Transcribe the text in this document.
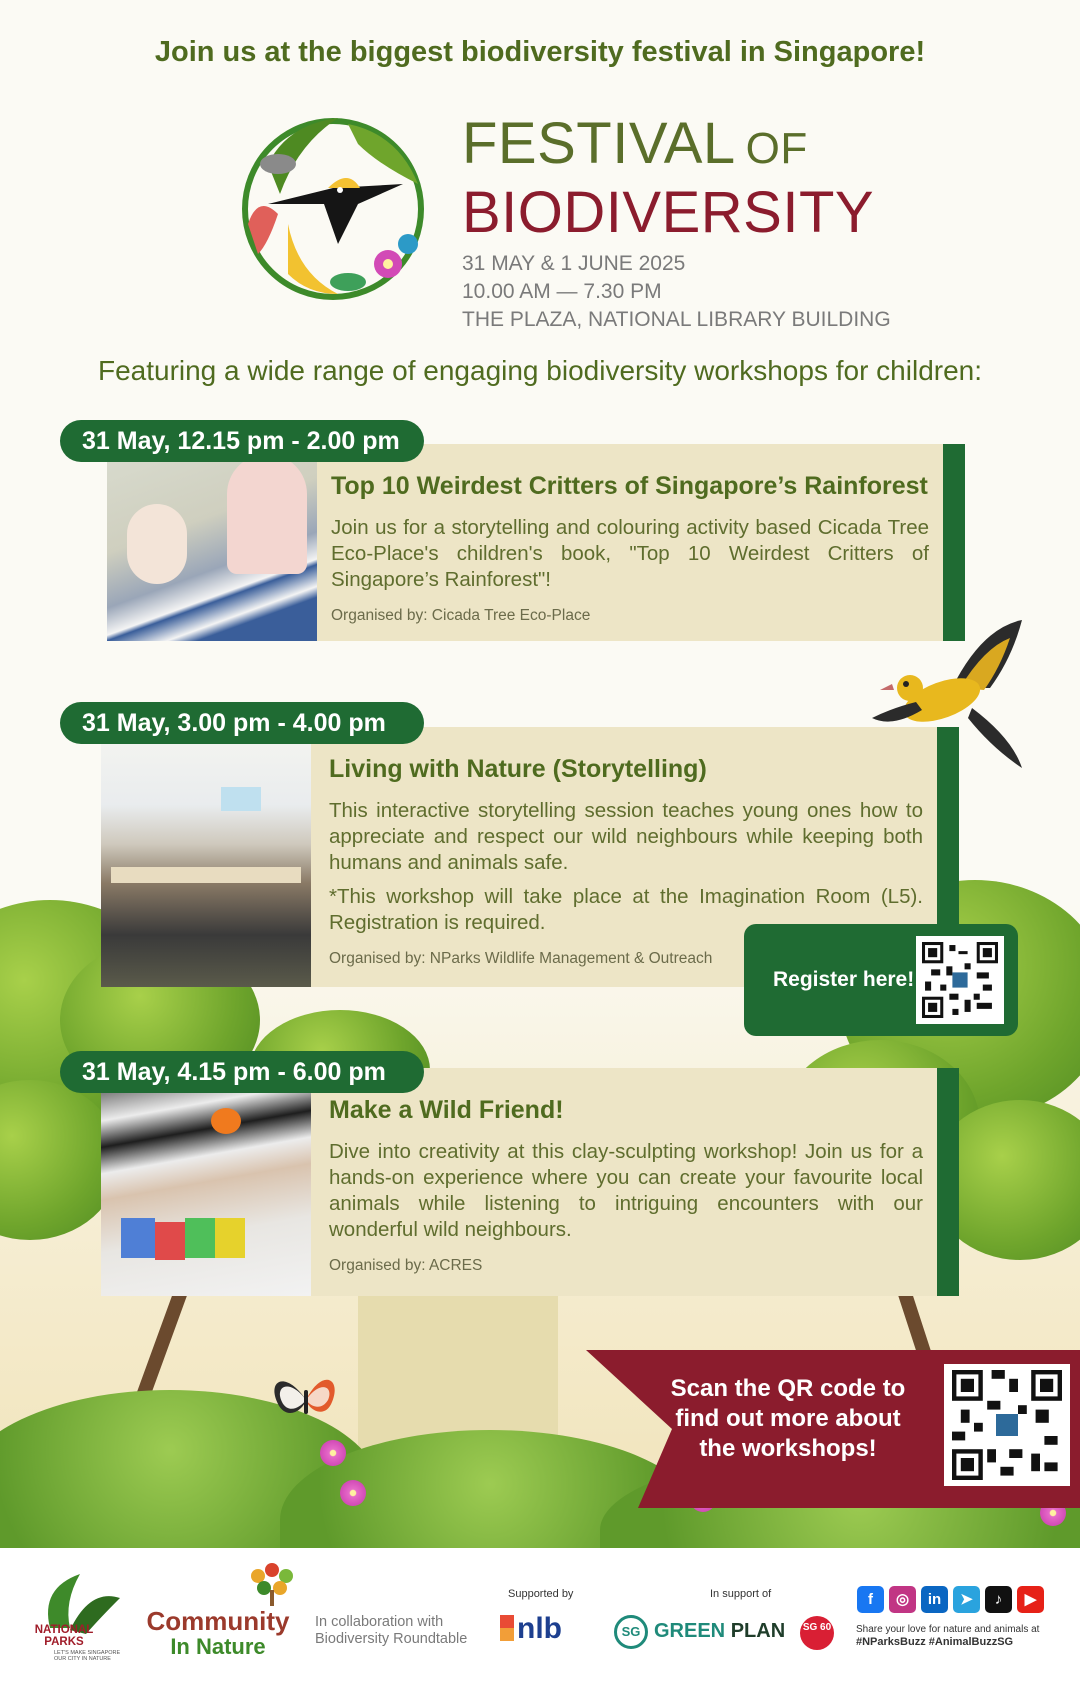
Join us at the biggest biodiversity festival in Singapore!
FESTIVAL OF
BIODIVERSITY
31 MAY & 1 JUNE 2025
10.00 AM — 7.30 PM
THE PLAZA, NATIONAL LIBRARY BUILDING
Featuring a wide range of engaging biodiversity workshops for children:
Top 10 Weirdest Critters of Singapore’s Rainforest

Join us for a storytelling and colouring activity based Cicada Tree Eco-Place's children's book, "Top 10 Weirdest Critters of Singapore’s Rainforest"!

Organised by: Cicada Tree Eco-Place

31 May, 12.15 pm - 2.00 pm
Living with Nature (Storytelling)

This interactive storytelling session teaches young ones how to appreciate and respect our wild neighbours while keeping both humans and animals safe.

*This workshop will take place at the Imagination Room (L5). Registration is required.

Organised by: NParks Wildlife Management & Outreach

31 May, 3.00 pm - 4.00 pm
Register here!
Make a Wild Friend!

Dive into creativity at this clay-sculpting workshop! Join us for a hands-on experience where you can create your favourite local animals while listening to intriguing encounters with our wonderful wild neighbours.

Organised by: ACRES

31 May, 4.15 pm - 6.00 pm
Scan the QR code to find out more about the workshops!
NATIONAL PARKS
LET'S MAKE SINGAPORE OUR CITY IN NATURE
Community
In Nature
In collaboration with Biodiversity Roundtable
Supported by
nlb
In support of
SG GREEN PLAN SG 60
f	◎	in	➤	♪	▶
Share your love for nature and animals at
#NParksBuzz #AnimalBuzzSG
